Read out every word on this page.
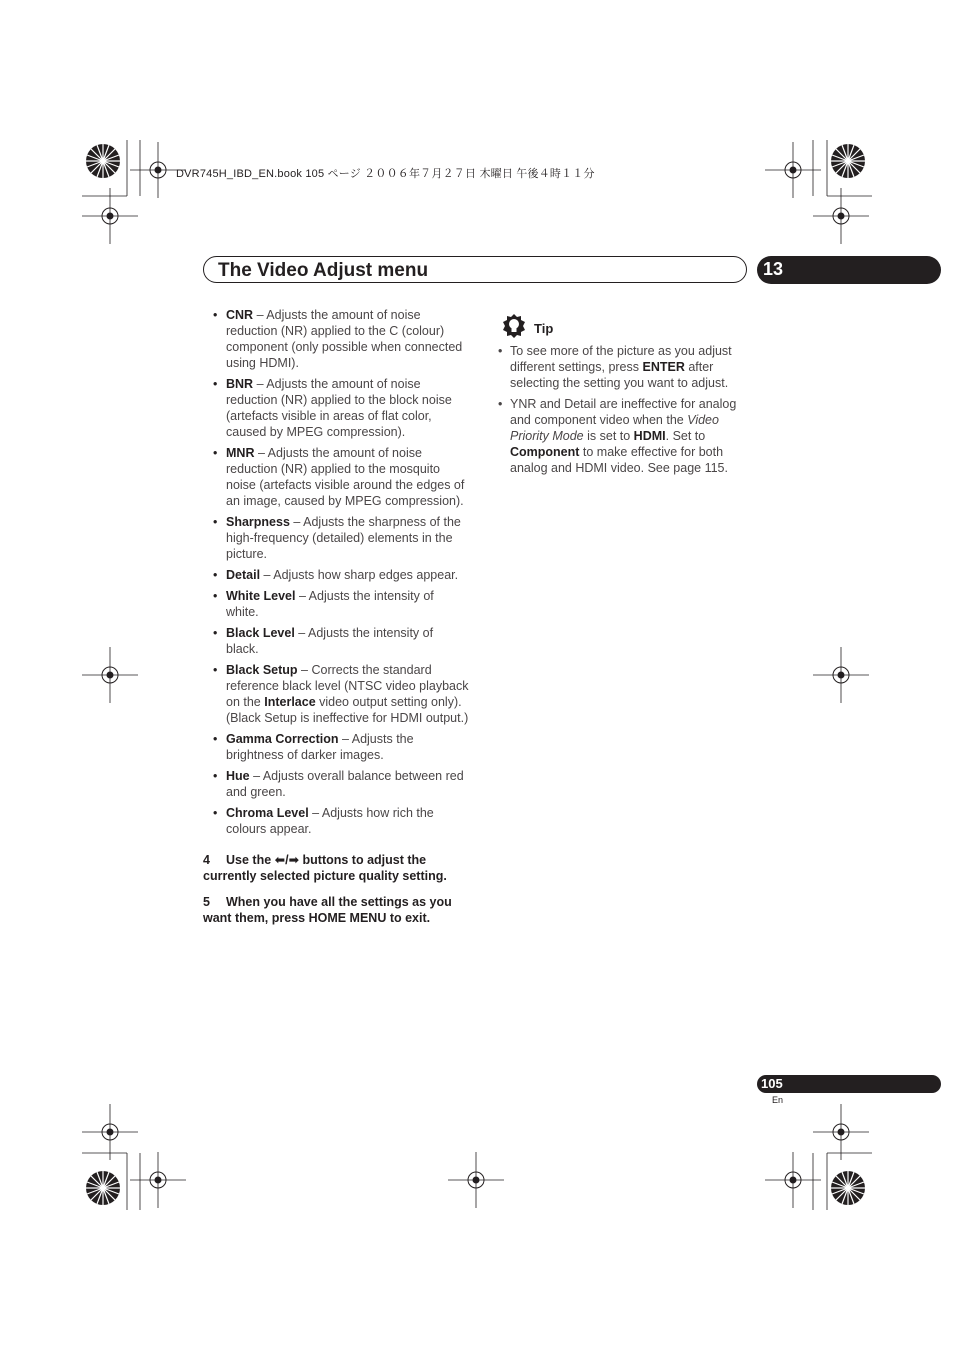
DVR745H_IBD_EN.book 105 ページ ２００６年７月２７日 木曜日 午後４時１１分
The Video Adjust menu	13
• CNR – Adjusts the amount of noise reduction (NR) applied to the C (colour) component (only possible when connected using HDMI).
• BNR – Adjusts the amount of noise reduction (NR) applied to the block noise (artefacts visible in areas of flat color, caused by MPEG compression).
• MNR – Adjusts the amount of noise reduction (NR) applied to the mosquito noise (artefacts visible around the edges of an image, caused by MPEG compression).
• Sharpness – Adjusts the sharpness of the high-frequency (detailed) elements in the picture.
• Detail – Adjusts how sharp edges appear.
• White Level – Adjusts the intensity of white.
• Black Level – Adjusts the intensity of black.
• Black Setup – Corrects the standard reference black level (NTSC video playback on the Interlace video output setting only). (Black Setup is ineffective for HDMI output.)
• Gamma Correction – Adjusts the brightness of darker images.
• Hue – Adjusts overall balance between red and green.
• Chroma Level – Adjusts how rich the colours appear.
4 Use the ⬅/➡ buttons to adjust the currently selected picture quality setting.
5 When you have all the settings as you want them, press HOME MENU to exit.
Tip
• To see more of the picture as you adjust different settings, press ENTER after selecting the setting you want to adjust.
• YNR and Detail are ineffective for analog and component video when the Video Priority Mode is set to HDMI. Set to Component to make effective for both analog and HDMI video. See page 115.
105
En
